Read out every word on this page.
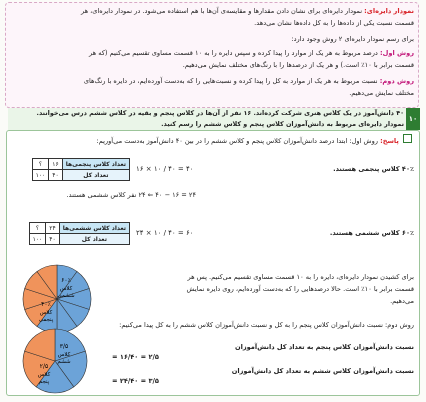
نمودار دایره‌ای: نمودار دایره‌ای برای نشان دادن مقدارها و مقایسه‌ی آن‌ها با هم استفاده می‌شود. در نمودار دایره‌ای، هر
قسمت نسبت یکی از داده‌ها را به کل داده‌ها نشان می‌دهد.
برای رسم نمودار دایره‌ای ۲ روش وجود دارد:
روش اول: درصد مربوط به هر یک از موارد را پیدا کرده و سپس دایره را به ۱۰ قسمت مساوی تقسیم می‌کنیم (که هر
قسمت برابر با ۱۰٪ است.) و هر یک از درصدها را با رنگ‌های مختلف نمایش می‌دهیم.
روش دوم: نسبت مربوط به هر یک از موارد به کل را پیدا کرده و نسبت‌هایی را که به‌دست آورده‌ایم، در دایره با رنگ‌های
مختلف نمایش می‌دهیم.
۱۰
۴۰ دانش‌آموز در یک کلاس هنری شرکت کرده‌اند. ۱۶ نفر از آن‌ها در کلاس پنجم و بقیه در کلاس ششم درس می‌خوانند.
نمودار دایره‌ای مربوط به دانش‌آموزان کلاس پنجم و کلاس ششم را رسم کنید.
پاسخ: روش اول: ابتدا درصد دانش‌آموزان کلاس پنجم و کلاس ششم را در بین ۴۰ دانش‌آموز به‌دست می‌آوریم:
تعداد کلاس پنجمی‌ها	۱۶	؟
تعداد کل	۴۰	۱۰۰
۱۶ × ۱۰ / ۴۰ = ۴۰	۴۰٪ کلاس پنجمی هستند.
۲۴ = ۱۶ − ۴۰ ⇐ ۲۴ نفر کلاس ششمی هستند.
تعداد کلاس ششمی‌ها	۲۴	؟
تعداد کل	۴۰	۱۰۰
۲۴ × ۱۰ / ۴۰ = ۶۰	۶۰٪ کلاس ششمی هستند.
۶۰٪
کلاس
ششمی
۴۰٪
کلاس
پنجمی
۳/۵
کلاس
ششم
۲/۵
کلاس
پنجم
برای کشیدن نمودار دایره‌ای، دایره را به ۱۰ قسمت مساوی تقسیم می‌کنیم. پس هر
قسمت برابر با ۱۰٪ است. حالا درصدهایی را که به‌دست آورده‌ایم، روی دایره نمایش
می‌دهیم.
روش دوم: نسبت دانش‌آموزان کلاس پنجم را به کل و نسبت دانش‌آموزان کلاس ششم را به کل پیدا می‌کنیم:
نسبت دانش‌آموزان کلاس پنجم به تعداد کل دانش‌آموزان
= ۱۶/۴۰ = ۲/۵
نسبت دانش‌آموزان کلاس ششم به تعداد کل دانش‌آموزان
= ۲۴/۴۰ = ۳/۵
